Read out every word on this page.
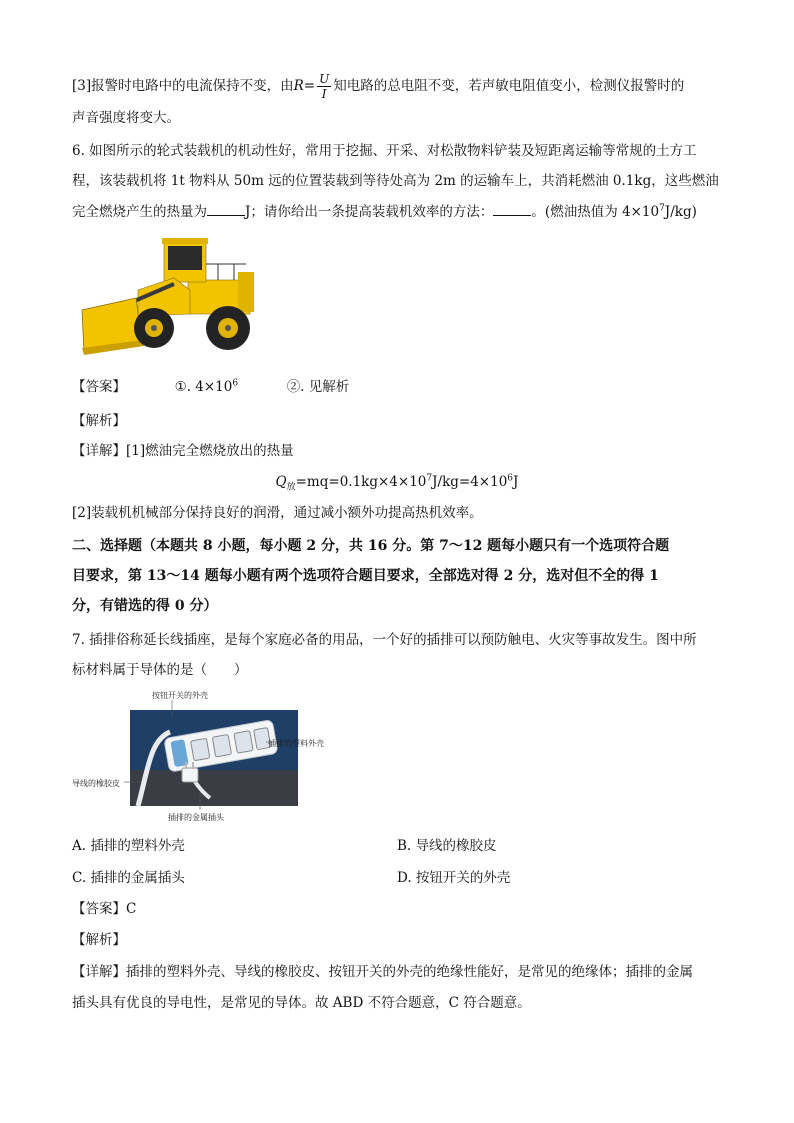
[3]报警时电路中的电流保持不变，由$R= \frac{U}{I}$ 知电路的总电阻不变，若声敏电阻值变小，检测仪报警时的
声音强度将变大。
6. 如图所示的轮式装载机的机动性好，常用于挖掘、开采、对松散物料铲装及短距离运输等常规的土方工
程，该装载机将 1t 物料从 50m 远的位置装载到等待处高为 2m 的运输车上，共消耗燃油 0.1kg，这些燃油
完全燃烧产生的热量为	J；请你给出一条提高装载机效率的方法：	。(燃油热值为 $4\times 10^7J/kg$)
【答案】	①. $4\times 10^6$	②. 见解析
【解析】
【详解】[1]燃油完全燃烧放出的热量
$Q_放=mq=0.1kg\times 4\times 10^7J/kg=4\times 10^6J$
[2]装载机机械部分保持良好的润滑，通过减小额外功提高热机效率。
二、选择题（本题共 8 小题，每小题 2 分，共 16 分。第 7～12 题每小题只有一个选项符合题
目要求，第 13～14 题每小题有两个选项符合题目要求，全部选对得 2 分，选对但不全的得 1
分，有错选的得 0 分）
7. 插排俗称延长线插座，是每个家庭必备的用品，一个好的插排可以预防触电、火灾等事故发生。图中所
标材料属于导体的是（　　）
按钮开关的外壳
插排的塑料外壳
导线的橡胶皮
插排的金属插头
A. 插排的塑料外壳	B. 导线的橡胶皮
C. 插排的金属插头	D. 按钮开关的外壳
【答案】C
【解析】
【详解】插排的塑料外壳、导线的橡胶皮、按钮开关的外壳的绝缘性能好，是常见的绝缘体；插排的金属
插头具有优良的导电性，是常见的导体。故 ABD 不符合题意，C 符合题意。
